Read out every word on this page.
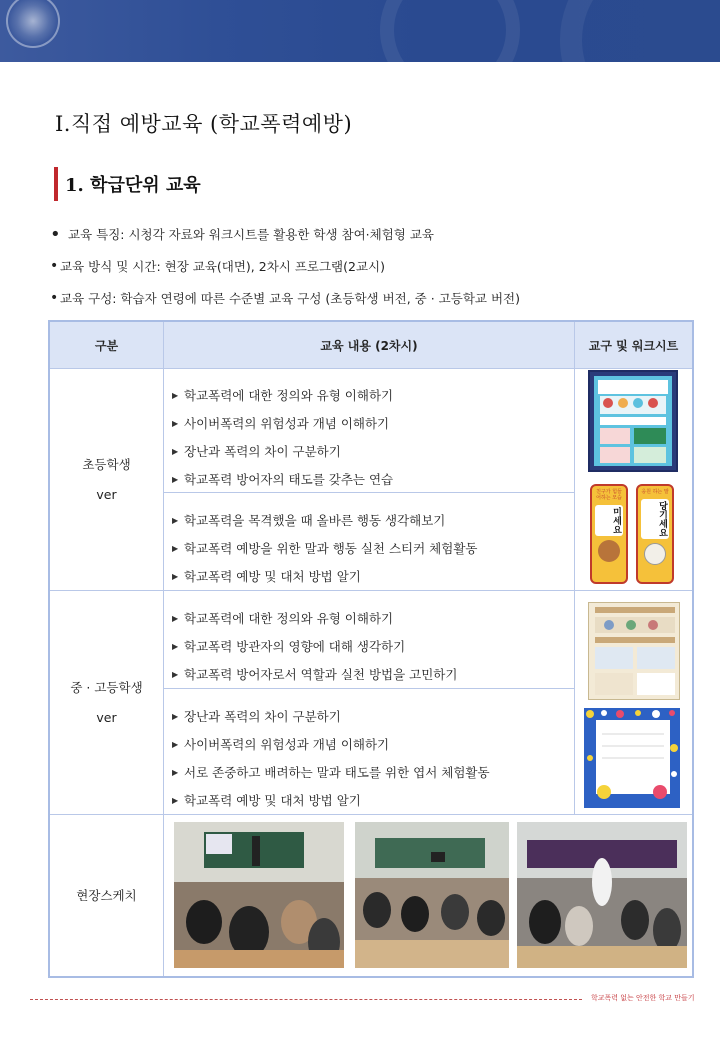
I.직접 예방교육 (학교폭력예방)
1. 학급단위 교육
• 교육 특징: 시청각 자료와 워크시트를 활용한 학생 참여·체험형 교육
• 교육 방식 및 시간: 현장 교육(대면), 2차시 프로그램(2교시)
• 교육 구성: 학습자 연령에 따른 수준별 교육 구성 (초등학생 버전, 중 · 고등학교 버전)
구분	교육 내용 (2차시)	교구 및 워크시트
초등학생
ver
▶ 학교폭력에 대한 정의와 유형 이해하기
▶ 사이버폭력의 위험성과 개념 이해하기
▶ 장난과 폭력의 차이 구분하기
▶ 학교폭력 방어자의 태도를 갖추는 연습
▶ 학교폭력을 목격했을 때 올바른 행동 생각해보기
▶ 학교폭력 예방을 위한 말과 행동 실천 스티커 체험활동
▶ 학교폭력 예방 및 대처 방법 알기
중 · 고등학생
ver
▶ 학교폭력에 대한 정의와 유형 이해하기
▶ 학교폭력 방관자의 영향에 대해 생각하기
▶ 학교폭력 방어자로서 역할과 실천 방법을 고민하기
▶ 장난과 폭력의 차이 구분하기
▶ 사이버폭력의 위험성과 개념 이해하기
▶ 서로 존중하고 배려하는 말과 태도를 위한 엽서 체험활동
▶ 학교폭력 예방 및 대처 방법 알기
현장스케치
친구가 힘들어하는 모습
미세요
응원 하는 말
당기세요
학교폭력 없는 안전한 학교 만들기
